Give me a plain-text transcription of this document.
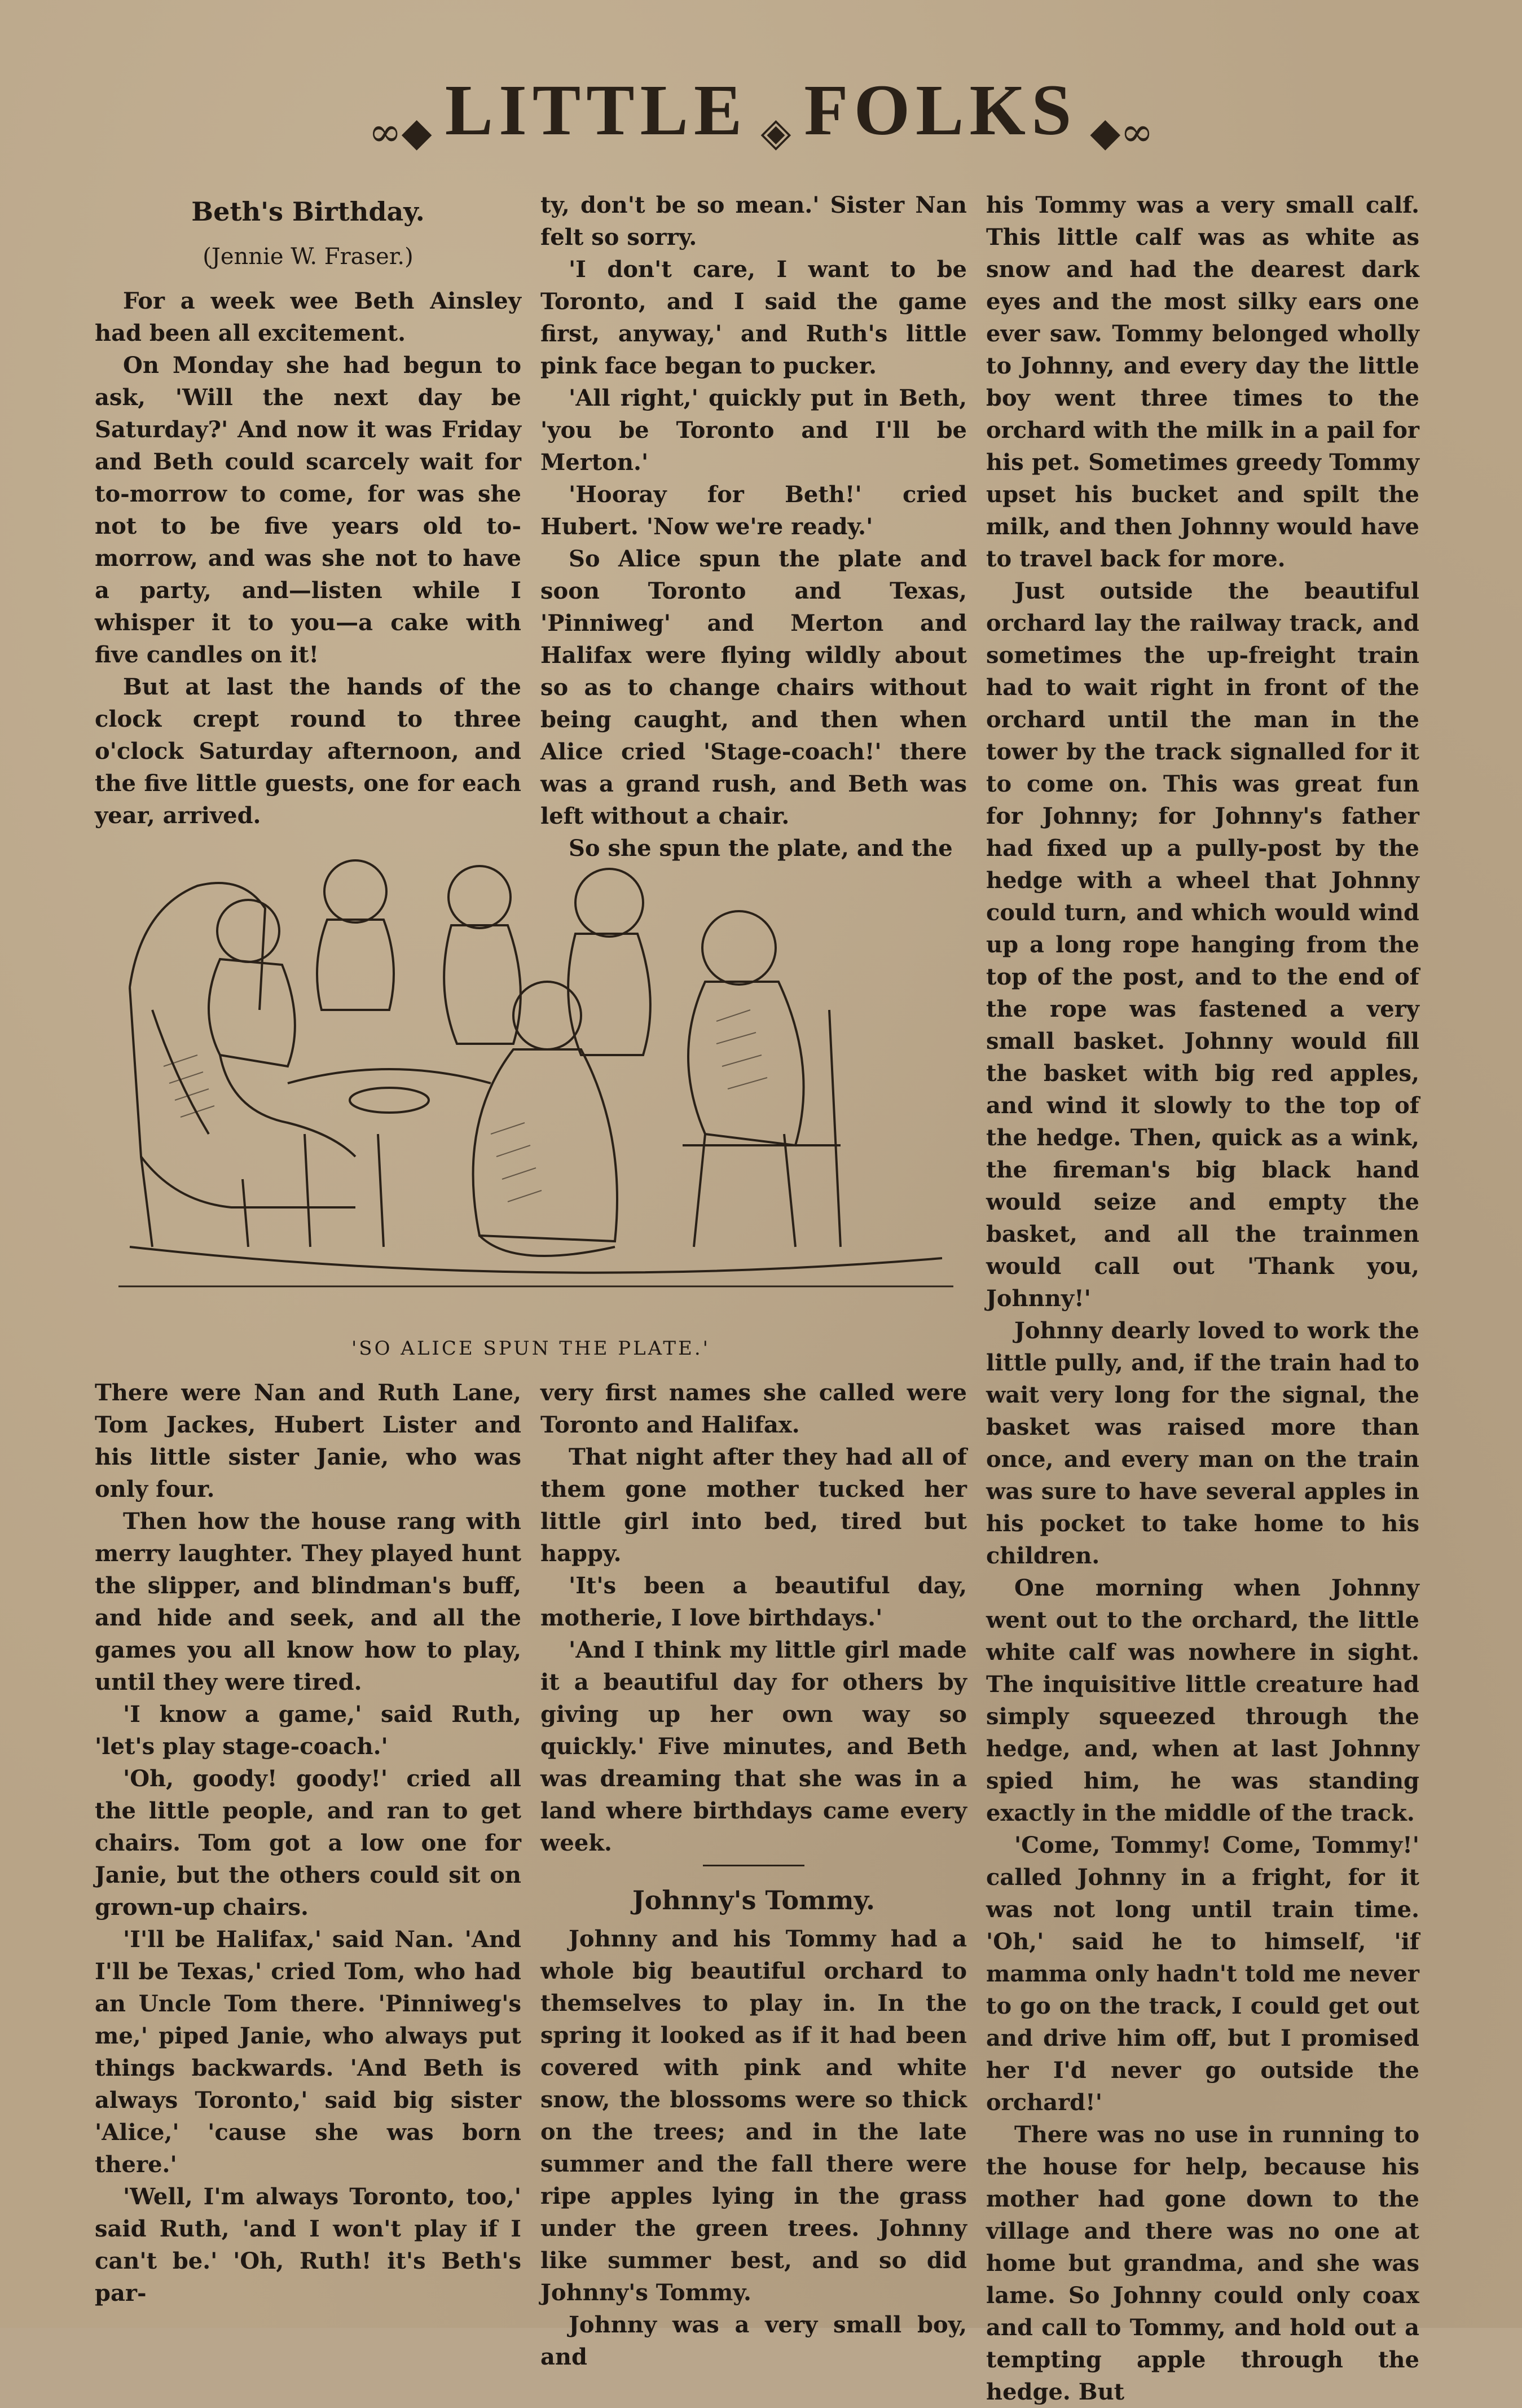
∞◆ LITTLE ◈ FOLKS ◆∞
Beth's Birthday.
(Jennie W. Fraser.)

For a week wee Beth Ainsley had been all excitement.

On Monday she had begun to ask, 'Will the next day be Saturday?' And now it was Friday and Beth could scarcely wait for to-morrow to come, for was she not to be five years old to-morrow, and was she not to have a party, and—listen while I whisper it to you—a cake with five candles on it!

But at last the hands of the clock crept round to three o'clock Saturday afternoon, and the five little guests, one for each year, arrived.

ty, don't be so mean.' Sister Nan felt so sorry.

'I don't care, I want to be Toronto, and I said the game first, anyway,' and Ruth's little pink face began to pucker.

'All right,' quickly put in Beth, 'you be Toronto and I'll be Merton.'

'Hooray for Beth!' cried Hubert. 'Now we're ready.'

So Alice spun the plate and soon Toronto and Texas, 'Pinniweg' and Merton and Halifax were flying wildly about so as to change chairs without being caught, and then when Alice cried 'Stage-coach!' there was a grand rush, and Beth was left without a chair.

So she spun the plate, and the

his Tommy was a very small calf. This little calf was as white as snow and had the dearest dark eyes and the most silky ears one ever saw. Tommy belonged wholly to Johnny, and every day the little boy went three times to the orchard with the milk in a pail for his pet. Sometimes greedy Tommy upset his bucket and spilt the milk, and then Johnny would have to travel back for more.

Just outside the beautiful orchard lay the railway track, and sometimes the up-freight train had to wait right in front of the orchard until the man in the tower by the track signalled for it to come on. This was great fun for Johnny; for Johnny's father had fixed up a pully-post by the hedge with a wheel that Johnny could turn, and which would wind up a long rope hanging from the top of the post, and to the end of the rope was fastened a very small basket. Johnny would fill the basket with big red apples, and wind it slowly to the top of the hedge. Then, quick as a wink, the fireman's big black hand would seize and empty the basket, and all the trainmen would call out 'Thank you, Johnny!'

Johnny dearly loved to work the little pully, and, if the train had to wait very long for the signal, the basket was raised more than once, and every man on the train was sure to have several apples in his pocket to take home to his children.

One morning when Johnny went out to the orchard, the little white calf was nowhere in sight. The inquisitive little creature had simply squeezed through the hedge, and, when at last Johnny spied him, he was standing exactly in the middle of the track.

'Come, Tommy! Come, Tommy!' called Johnny in a fright, for it was not long until train time. 'Oh,' said he to himself, 'if mamma only hadn't told me never to go on the track, I could get out and drive him off, but I promised her I'd never go outside the orchard!'

There was no use in running to the house for help, because his mother had gone down to the village and there was no one at home but grandma, and she was lame. So Johnny could only coax and call to Tommy, and hold out a tempting apple through the hedge. But

'SO ALICE SPUN THE PLATE.'

There were Nan and Ruth Lane, Tom Jackes, Hubert Lister and his little sister Janie, who was only four.

Then how the house rang with merry laughter. They played hunt the slipper, and blindman's buff, and hide and seek, and all the games you all know how to play, until they were tired.

'I know a game,' said Ruth, 'let's play stage-coach.'

'Oh, goody! goody!' cried all the little people, and ran to get chairs. Tom got a low one for Janie, but the others could sit on grown-up chairs.

'I'll be Halifax,' said Nan. 'And I'll be Texas,' cried Tom, who had an Uncle Tom there. 'Pinniweg's me,' piped Janie, who always put things backwards. 'And Beth is always Toronto,' said big sister 'Alice,' 'cause she was born there.'

'Well, I'm always Toronto, too,' said Ruth, 'and I won't play if I can't be.' 'Oh, Ruth! it's Beth's par-

very first names she called were Toronto and Halifax.

That night after they had all of them gone mother tucked her little girl into bed, tired but happy.

'It's been a beautiful day, motherie, I love birthdays.'

'And I think my little girl made it a beautiful day for others by giving up her own way so quickly.' Five minutes, and Beth was dreaming that she was in a land where birthdays came every week.

Johnny's Tommy.

Johnny and his Tommy had a whole big beautiful orchard to themselves to play in. In the spring it looked as if it had been covered with pink and white snow, the blossoms were so thick on the trees; and in the late summer and the fall there were ripe apples lying in the grass under the green trees. Johnny like summer best, and so did Johnny's Tommy.

Johnny was a very small boy, and
